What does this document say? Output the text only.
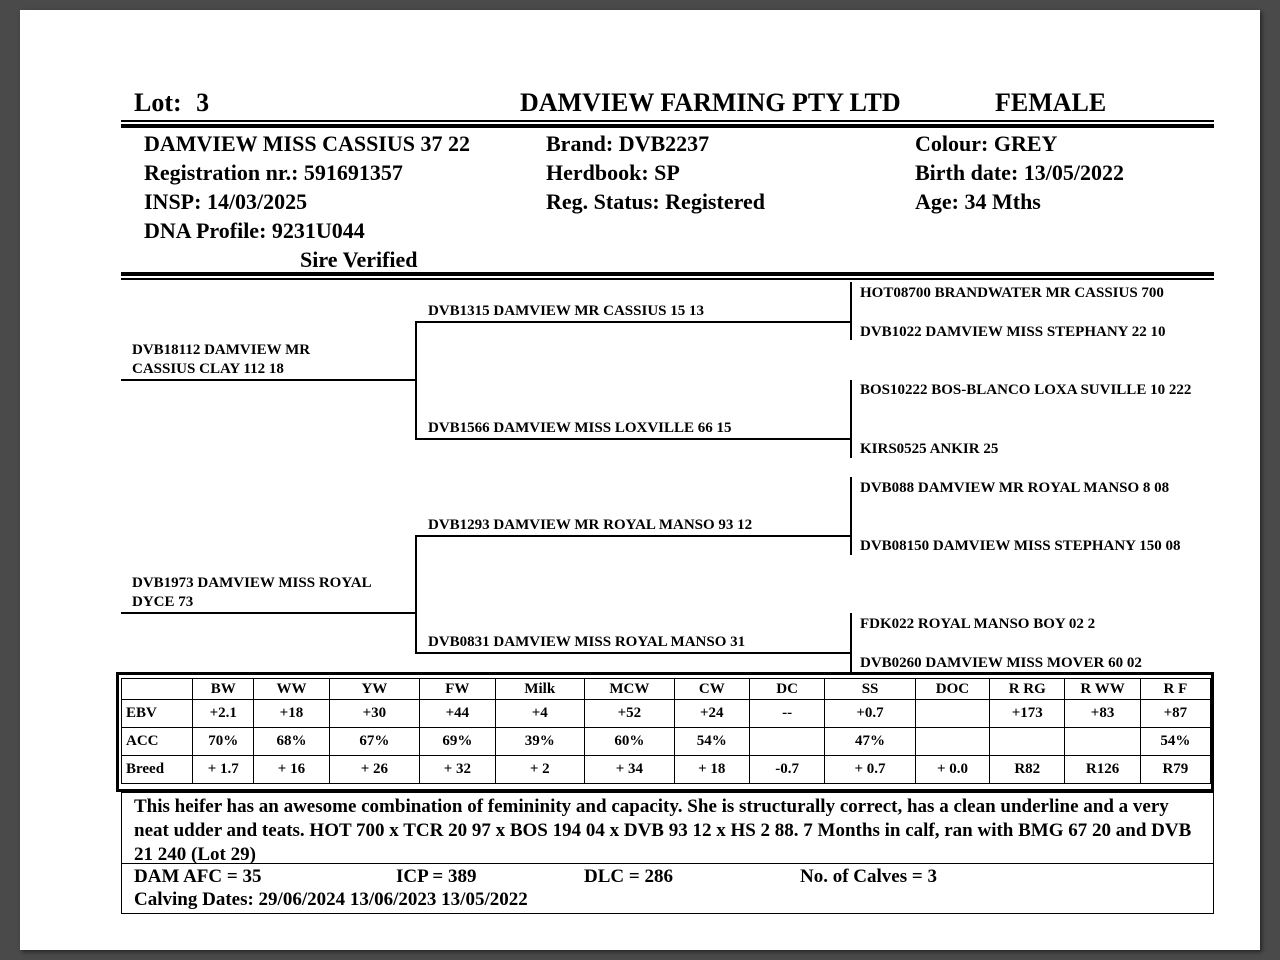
Lot: 3	DAMVIEW FARMING PTY LTD	FEMALE
DAMVIEW MISS CASSIUS 37 22
Registration nr.: 591691357
INSP: 14/03/2025
DNA Profile: 9231U044
Sire Verified
Brand: DVB2237
Herdbook: SP
Reg. Status: Registered
Colour: GREY
Birth date: 13/05/2022
Age: 34 Mths
DVB18112 DAMVIEW MR CASSIUS CLAY 112 18
DVB1973 DAMVIEW MISS ROYAL DYCE 73
DVB1315 DAMVIEW MR CASSIUS 15 13
DVB1566 DAMVIEW MISS LOXVILLE 66 15
DVB1293 DAMVIEW MR ROYAL MANSO 93 12
DVB0831 DAMVIEW MISS ROYAL MANSO 31
HOT08700 BRANDWATER MR CASSIUS 700
DVB1022 DAMVIEW MISS STEPHANY 22 10
BOS10222 BOS-BLANCO LOXA SUVILLE 10 222
KIRS0525 ANKIR 25
DVB088 DAMVIEW MR ROYAL MANSO 8 08
DVB08150 DAMVIEW MISS STEPHANY 150 08
FDK022 ROYAL MANSO BOY 02 2
DVB0260 DAMVIEW MISS MOVER 60 02
	BW	WW	YW	FW	Milk	MCW	CW	DC	SS	DOC	R RG	R WW	R F
EBV	+2.1	+18	+30	+44	+4	+52	+24	--	+0.7		+173	+83	+87
ACC	70%	68%	67%	69%	39%	60%	54%		47%				54%
Breed	+ 1.7	+ 16	+ 26	+ 32	+ 2	+ 34	+ 18	-0.7	+ 0.7	+ 0.0	R82	R126	R79
This heifer has an awesome combination of femininity and capacity. She is structurally correct, has a clean underline and a very neat udder and teats. HOT 700 x TCR 20 97 x BOS 194 04 x DVB 93 12 x HS 2 88. 7 Months in calf, ran with BMG 67 20 and DVB 21 240 (Lot 29)
DAM AFC = 35	ICP = 389	DLC = 286	No. of Calves = 3
Calving Dates: 29/06/2024 13/06/2023 13/05/2022
